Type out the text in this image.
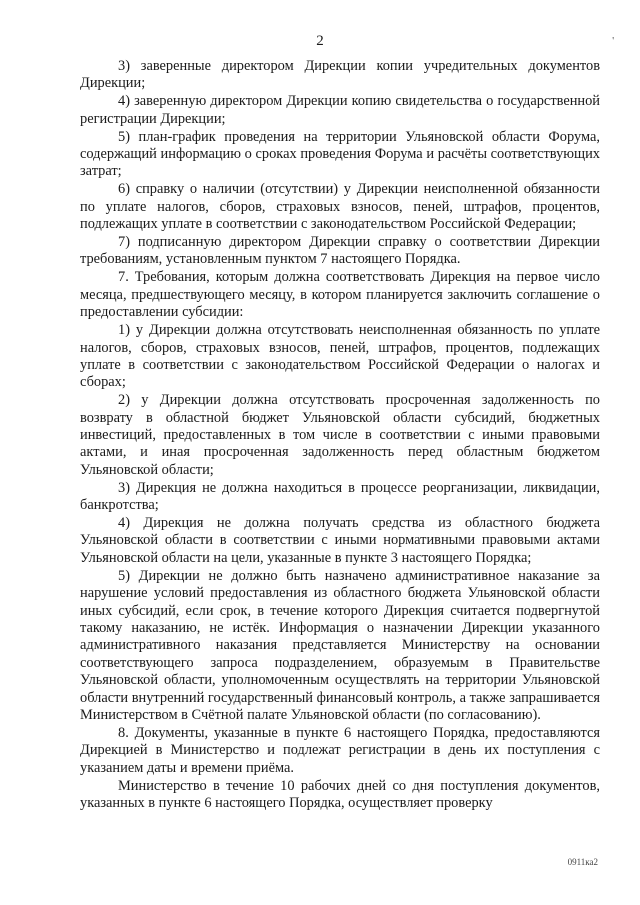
2	'

3) заверенные директором Дирекции копии учредительных документов Дирекции;

4) заверенную директором Дирекции копию свидетельства о государственной регистрации Дирекции;

5) план-график проведения на территории Ульяновской области Форума, содержащий информацию о сроках проведения Форума и расчёты соответствующих затрат;

6) справку о наличии (отсутствии) у Дирекции неисполненной обязанности по уплате налогов, сборов, страховых взносов, пеней, штрафов, процентов, подлежащих уплате в соответствии с законодательством Российской Федерации;

7) подписанную директором Дирекции справку о соответствии Дирекции требованиям, установленным пунктом 7 настоящего Порядка.

7. Требования, которым должна соответствовать Дирекция на первое число месяца, предшествующего месяцу, в котором планируется заключить соглашение о предоставлении субсидии:

1) у Дирекции должна отсутствовать неисполненная обязанность по уплате налогов, сборов, страховых взносов, пеней, штрафов, процентов, подлежащих уплате в соответствии с законодательством Российской Федерации о налогах и сборах;

2) у Дирекции должна отсутствовать просроченная задолженность по возврату в областной бюджет Ульяновской области субсидий, бюджетных инвестиций, предоставленных в том числе в соответствии с иными правовыми актами, и иная просроченная задолженность перед областным бюджетом Ульяновской области;

3) Дирекция не должна находиться в процессе реорганизации, ликвидации, банкротства;

4) Дирекция не должна получать средства из областного бюджета Ульяновской области в соответствии с иными нормативными правовыми актами Ульяновской области на цели, указанные в пункте 3 настоящего Порядка;

5) Дирекции не должно быть назначено административное наказание за нарушение условий предоставления из областного бюджета Ульяновской области иных субсидий, если срок, в течение которого Дирекция считается подвергнутой такому наказанию, не истёк. Информация о назначении Дирекции указанного административного наказания представляется Министерству на основании соответствующего запроса подразделением, образуемым в Правительстве Ульяновской области, уполномоченным осуществлять на территории Ульяновской области внутренний государственный финансовый контроль, а также запрашивается Министерством в Счётной палате Ульяновской области (по согласованию).

8. Документы, указанные в пункте 6 настоящего Порядка, предоставляются Дирекцией в Министерство и подлежат регистрации в день их поступления с указанием даты и времени приёма.

Министерство в течение 10 рабочих дней со дня поступления документов, указанных в пункте 6 настоящего Порядка, осуществляет проверку

0911ка2
